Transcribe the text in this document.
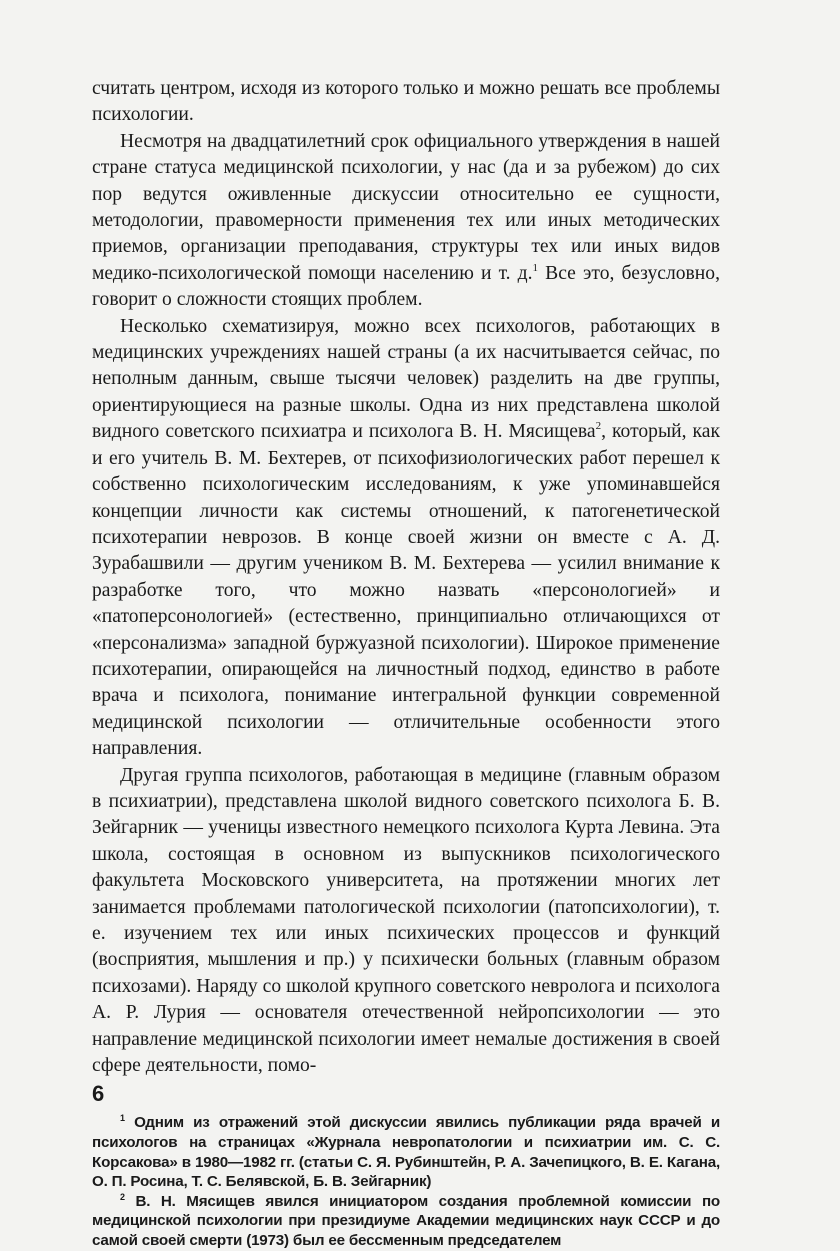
считать центром, исходя из которого только и можно решать все проблемы психологии.

Несмотря на двадцатилетний срок официального утверждения в нашей стране статуса медицинской психологии, у нас (да и за рубежом) до сих пор ведутся оживленные дискуссии относительно ее сущности, методологии, правомерности применения тех или иных методических приемов, организации преподавания, структуры тех или иных видов медико-психологической помощи населению и т. д.$^1$ Все это, безусловно, говорит о сложности стоящих проблем.

Несколько схематизируя, можно всех психологов, работающих в медицинских учреждениях нашей страны (а их насчитывается сейчас, по неполным данным, свыше тысячи человек) разделить на две группы, ориентирующиеся на разные школы. Одна из них представлена школой видного советского психиатра и психолога В. Н. Мясищева$^2$, который, как и его учитель В. М. Бехтерев, от психофизиологических работ перешел к собственно психологическим исследованиям, к уже упоминавшейся концепции личности как системы отношений, к патогенетической психотерапии неврозов. В конце своей жизни он вместе с А. Д. Зурабашвили — другим учеником В. М. Бехтерева — усилил внимание к разработке того, что можно назвать «персонологией» и «патоперсонологией» (естественно, принципиально отличающихся от «персонализма» западной буржуазной психологии). Широкое применение психотерапии, опирающейся на личностный подход, единство в работе врача и психолога, понимание интегральной функции современной медицинской психологии — отличительные особенности этого направления.

Другая группа психологов, работающая в медицине (главным образом в психиатрии), представлена школой видного советского психолога Б. В. Зейгарник — ученицы известного немецкого психолога Курта Левина. Эта школа, состоящая в основном из выпускников психологического факультета Московского университета, на протяжении многих лет занимается проблемами патологической психологии (патопсихологии), т. е. изучением тех или иных психических процессов и функций (восприятия, мышления и пр.) у психически больных (главным образом психозами). Наряду со школой крупного советского невролога и психолога А. Р. Лурия — основателя отечественной нейропсихологии — это направление медицинской психологии имеет немалые достижения в своей сфере деятельности, помо-

$^1$ Одним из отражений этой дискуссии явились публикации ряда врачей и психологов на страницах «Журнала невропатологии и психиатрии им. С. С. Корсакова» в 1980—1982 гг. (статьи С. Я. Рубинштейн, Р. А. Зачепицкого, В. Е. Кагана, О. П. Росина, Т. С. Белявской, Б. В. Зейгарник)

$^2$ В. Н. Мясищев явился инициатором создания проблемной комиссии по медицинской психологии при президиуме Академии медицинских наук СССР и до самой своей смерти (1973) был ее бессменным председателем

6
